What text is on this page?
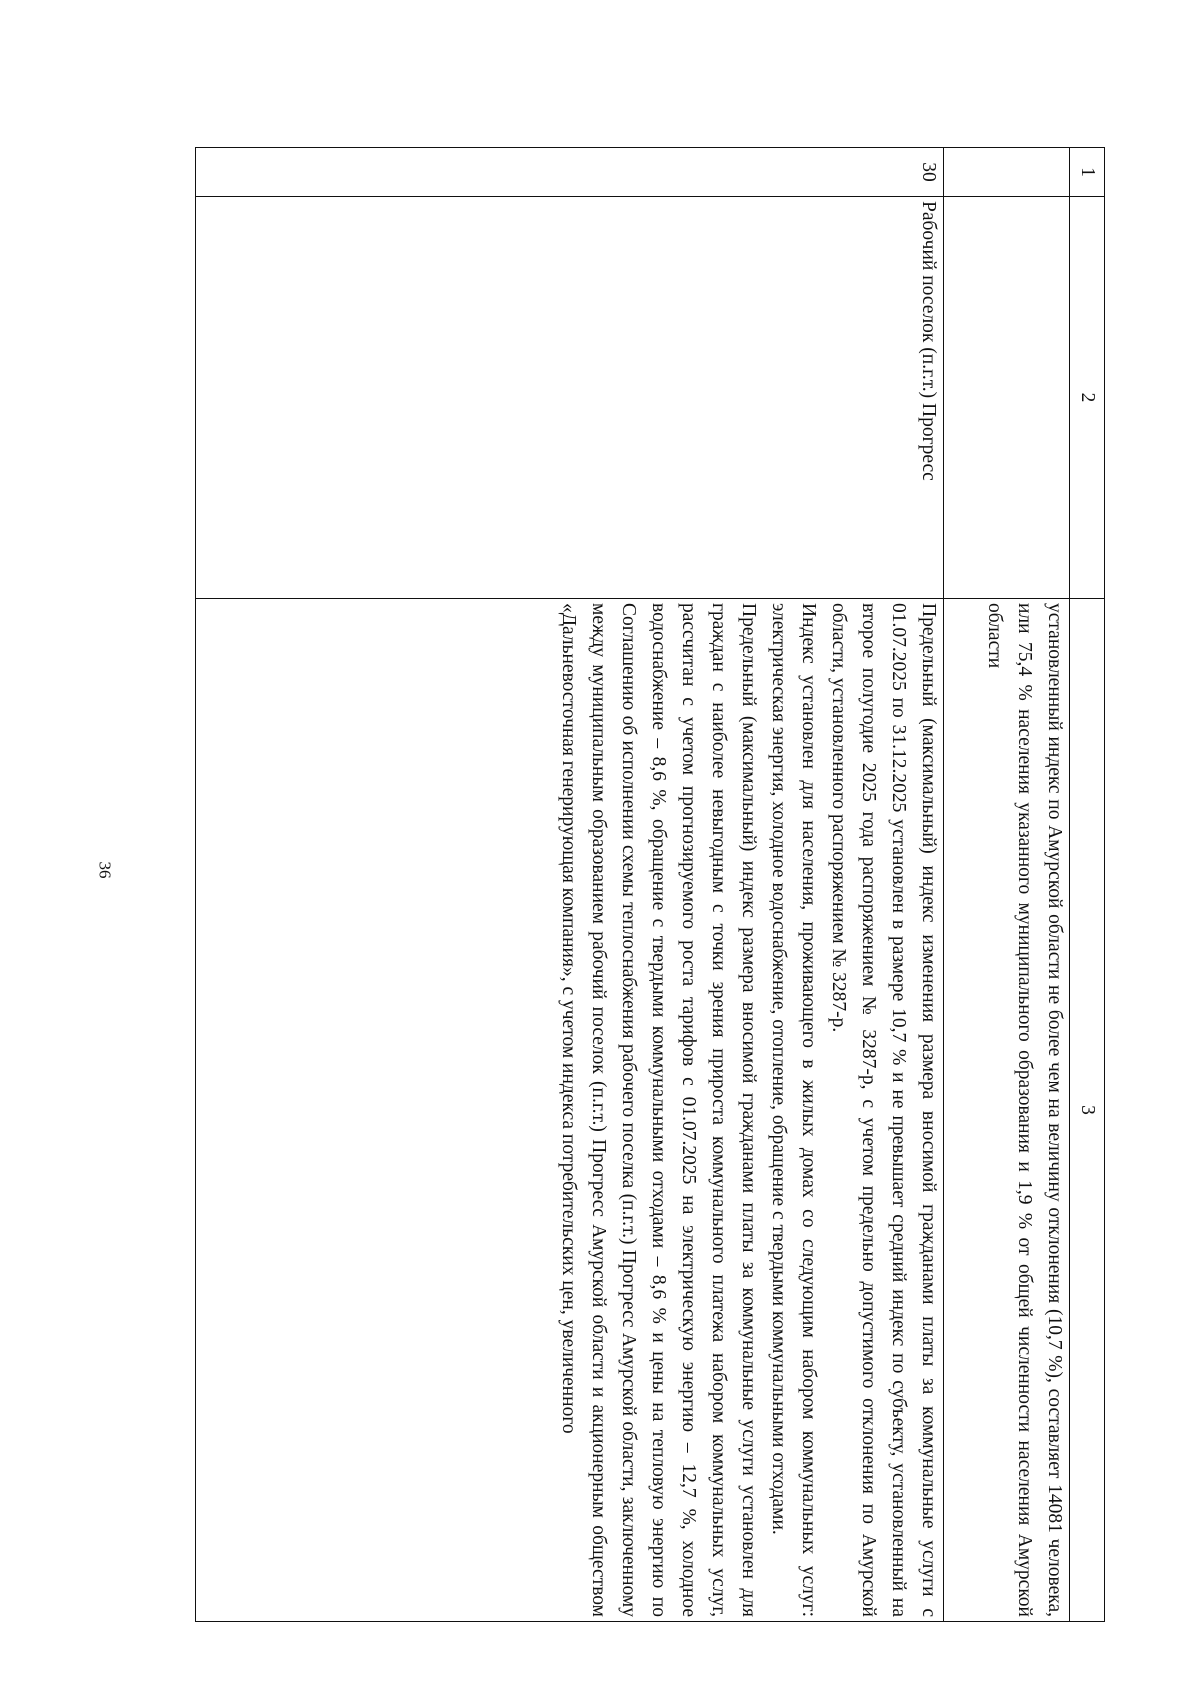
36
1	2	3

		установленный индекс по Амурской области не более чем на величину отклонения (10,7 %), составляет 14081 человека, или 75,4 % населения указанного муниципального образования и 1,9 % от общей численности населения Амурской области

30	Рабочий поселок (п.г.т.) Прогресс	Предельный (максимальный) индекс изменения размера вносимой гражданами платы за коммунальные услуги с 01.07.2025 по 31.12.2025 установлен в размере 10,7 % и не превышает средний индекс по субъекту, установленный на второе полугодие 2025 года распоряжением № 3287-р, с учетом предельно допустимого отклонения по Амурской области, установленного распоряжением № 3287-р.

Индекс установлен для населения, проживающего в жилых домах со следующим набором коммунальных услуг: электрическая энергия, холодное водоснабжение, отопление, обращение с твердыми коммунальными отходами.

Предельный (максимальный) индекс размера вносимой гражданами платы за коммунальные услуги установлен для граждан с наиболее невыгодным с точки зрения прироста коммунального платежа набором коммунальных услуг, рассчитан с учетом прогнозируемого роста тарифов с 01.07.2025 на электрическую энергию – 12,7 %, холодное водоснабжение – 8,6 %, обращение с твердыми коммунальными отходами – 8,6 % и цены на тепловую энергию по Соглашению об исполнении схемы теплоснабжения рабочего поселка (п.г.т.) Прогресс Амурской области, заключенному между муниципальным образованием рабочий поселок (п.г.т.) Прогресс Амурской области и акционерным обществом «Дальневосточная генерирующая компания», с учетом индекса потребительских цен, увеличенного
